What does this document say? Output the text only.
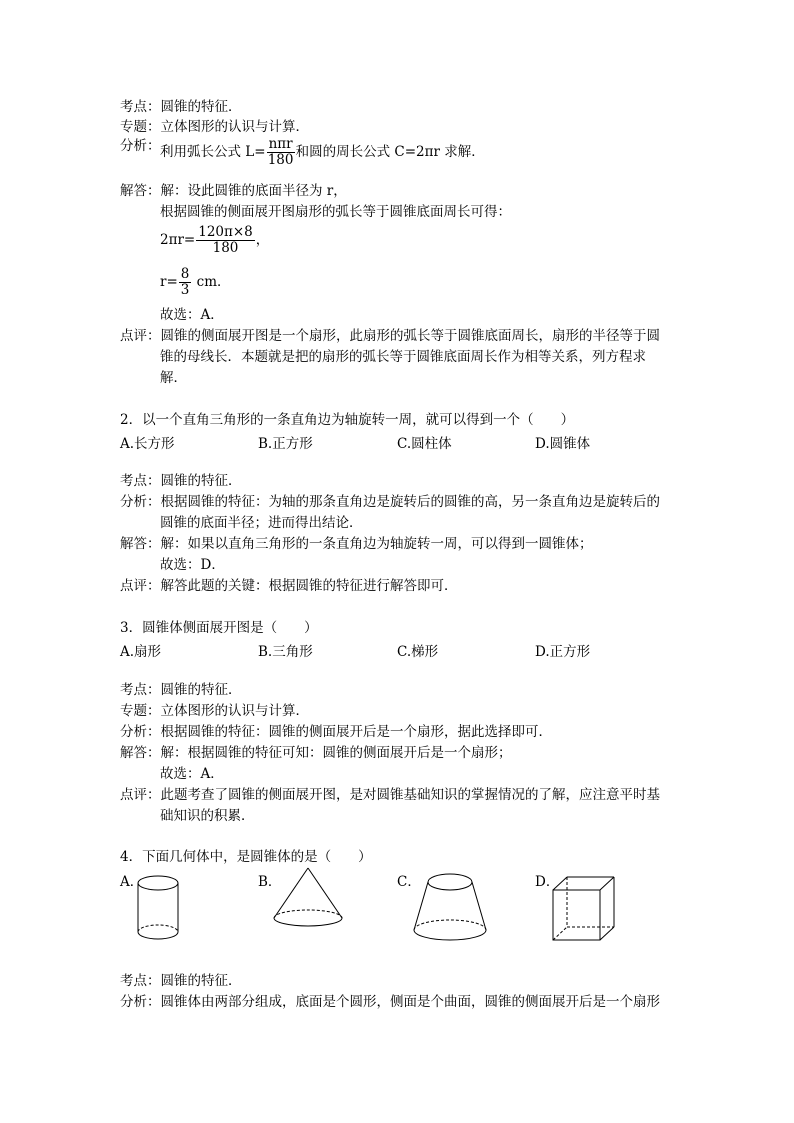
考点：圆锥的特征．
专题：立体图形的认识与计算．
分析： 利用弧长公式 $L= \frac{\text{nπr}}{180}$ 和圆的周长公式 C=2πr 求解．
解答：解：设此圆锥的底面半径为 r，
根据圆锥的侧面展开图扇形的弧长等于圆锥底面周长可得：
$2\pi r= \frac{120\pi\times 8}{180}$ ，
$r= \frac{8}{3}$ cm．
故选：A．
点评：圆锥的侧面展开图是一个扇形，此扇形的弧长等于圆锥底面周长，扇形的半径等于圆
锥的母线长．本题就是把的扇形的弧长等于圆锥底面周长作为相等关系，列方程求
解．
2．以一个直角三角形的一条直角边为轴旋转一周，就可以得到一个（　　）
A.长方形	B.正方形	C.圆柱体	D.圆锥体
考点：圆锥的特征．
分析：根据圆锥的特征：为轴的那条直角边是旋转后的圆锥的高，另一条直角边是旋转后的
圆锥的底面半径；进而得出结论．
解答：解：如果以直角三角形的一条直角边为轴旋转一周，可以得到一圆锥体；
故选：D．
点评：解答此题的关键：根据圆锥的特征进行解答即可．
3．圆锥体侧面展开图是（　　）
A.扇形	B.三角形	C.梯形	D.正方形
考点：圆锥的特征．
专题：立体图形的认识与计算．
分析：根据圆锥的特征：圆锥的侧面展开后是一个扇形，据此选择即可．
解答：解：根据圆锥的特征可知：圆锥的侧面展开后是一个扇形；
故选：A．
点评：此题考查了圆锥的侧面展开图，是对圆锥基础知识的掌握情况的了解，应注意平时基
础知识的积累．
4．下面几何体中，是圆锥体的是（　　）
A．	B．	C．	D．
考点：圆锥的特征．
分析：圆锥体由两部分组成，底面是个圆形，侧面是个曲面，圆锥的侧面展开后是一个扇形
